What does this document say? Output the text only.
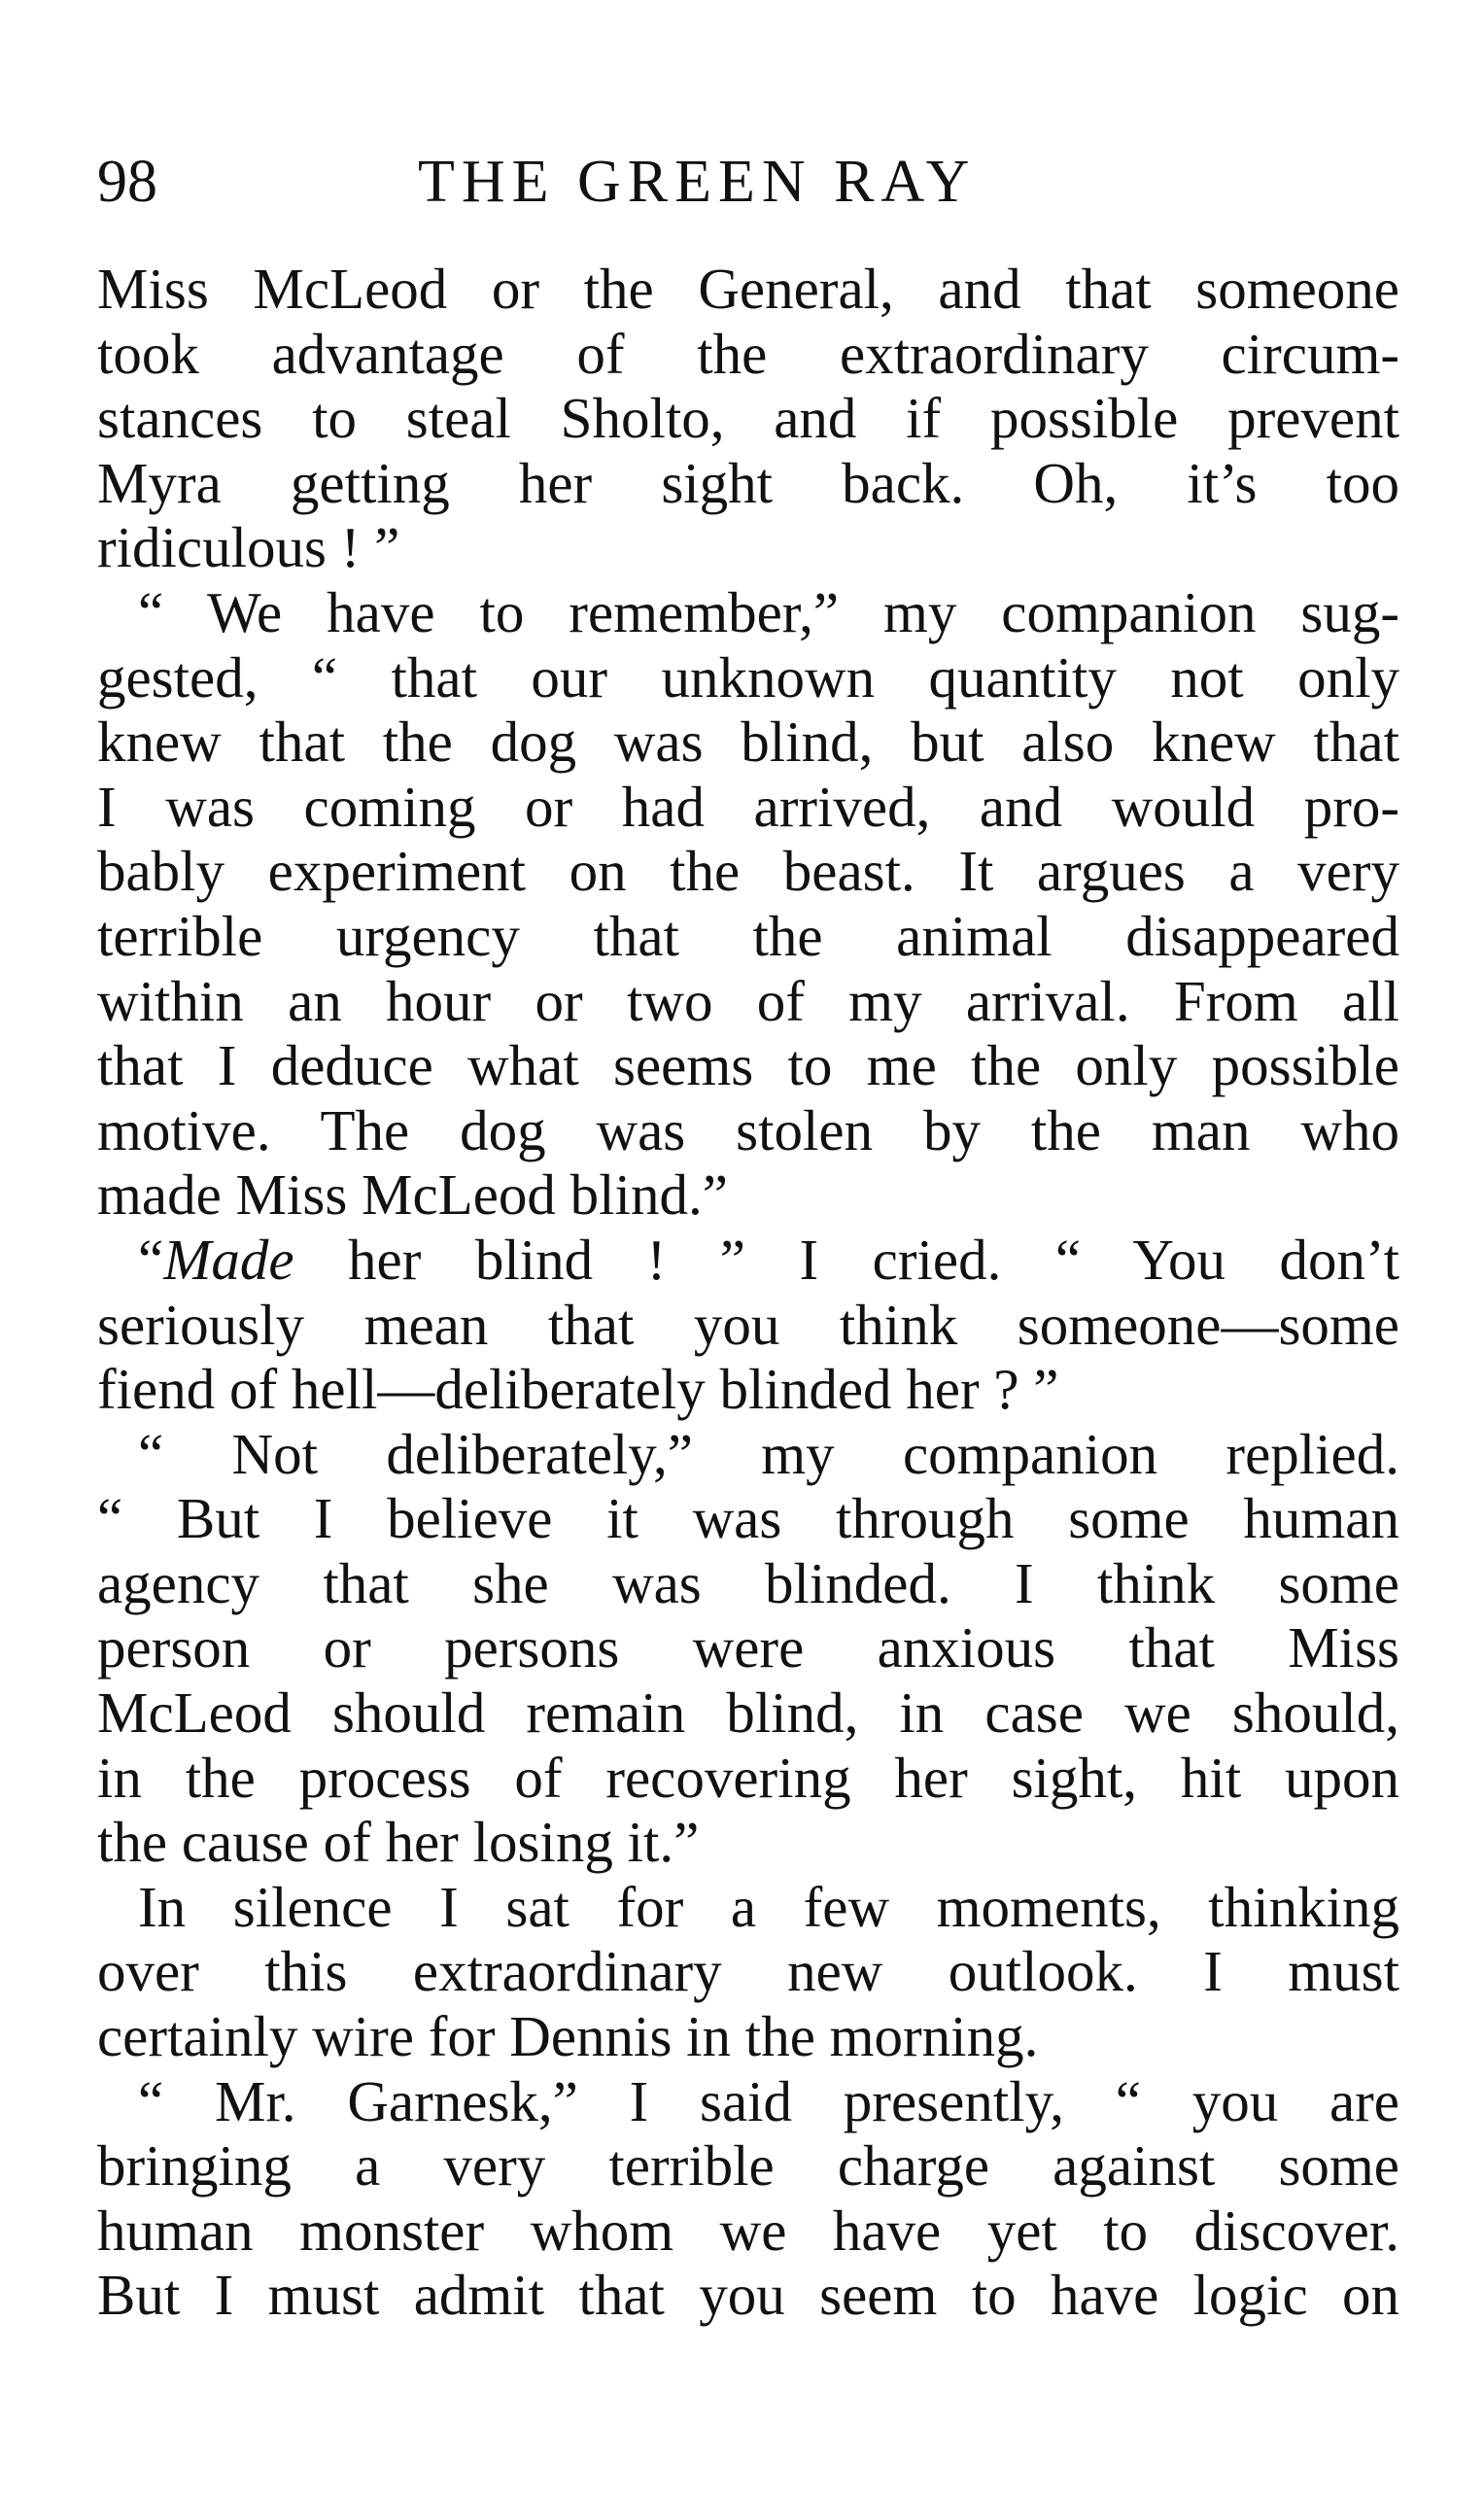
98	THE GREEN RAY
Miss McLeod or the General, and that someone
took advantage of the extraordinary circum-
stances to steal Sholto, and if possible prevent
Myra getting her sight back. Oh, it’s too
ridiculous ! ”
“ We have to remember,” my companion sug-
gested, “ that our unknown quantity not only
knew that the dog was blind, but also knew that
I was coming or had arrived, and would pro-
bably experiment on the beast. It argues a very
terrible urgency that the animal disappeared
within an hour or two of my arrival. From all
that I deduce what seems to me the only possible
motive. The dog was stolen by the man who
made Miss McLeod blind.”
“Made her blind ! ” I cried. “ You don’t
seriously mean that you think someone—some
fiend of hell—deliberately blinded her ? ”
“ Not deliberately,” my companion replied.
“ But I believe it was through some human
agency that she was blinded. I think some
person or persons were anxious that Miss
McLeod should remain blind, in case we should,
in the process of recovering her sight, hit upon
the cause of her losing it.”
In silence I sat for a few moments, thinking
over this extraordinary new outlook. I must
certainly wire for Dennis in the morning.
“ Mr. Garnesk,” I said presently, “ you are
bringing a very terrible charge against some
human monster whom we have yet to discover.
But I must admit that you seem to have logic on
